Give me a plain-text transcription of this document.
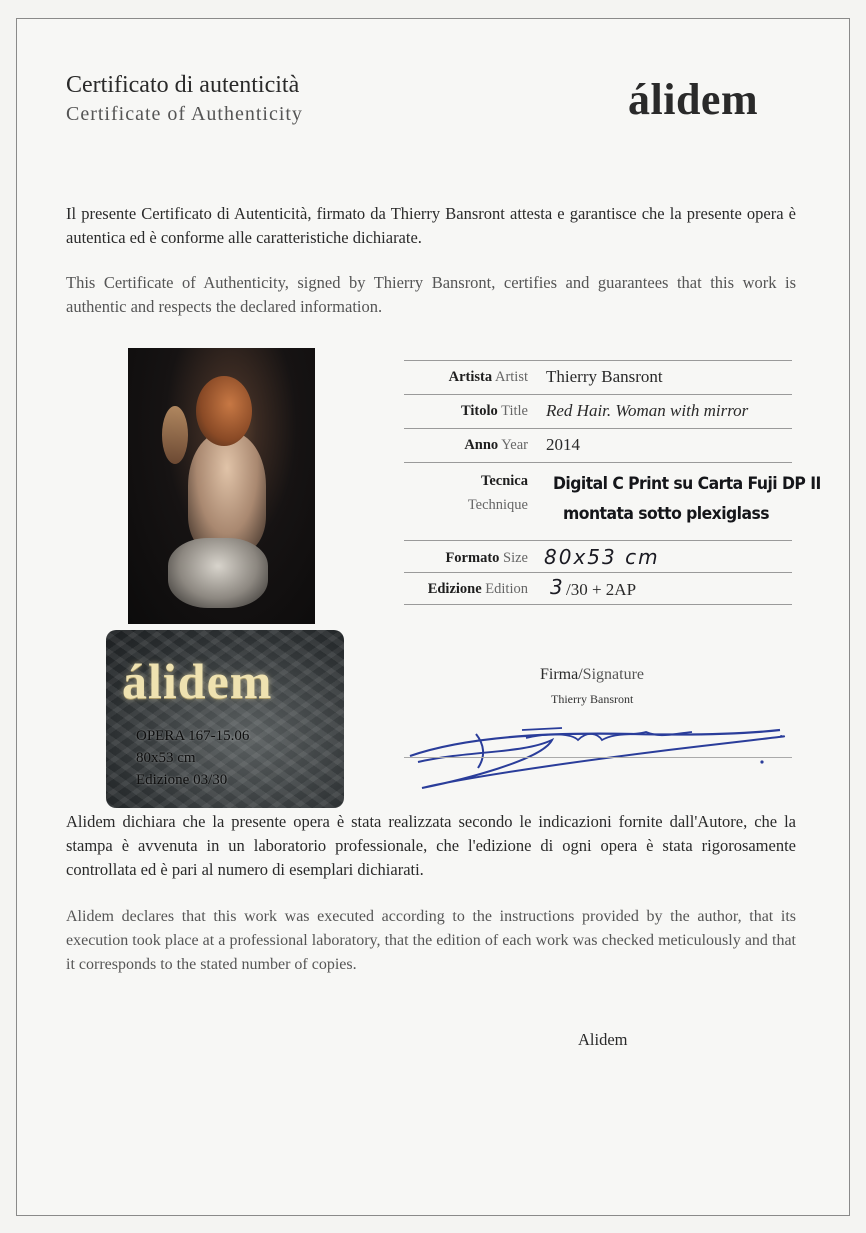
Certificato di autenticità
Certificate of Authenticity	álidem
Il presente Certificato di Autenticità, firmato da Thierry Bansront attesta e garantisce che la presente opera è autentica ed è conforme alle caratteristiche dichiarate.
This Certificate of Authenticity, signed by Thierry Bansront, certifies and guarantees that this work is authentic and respects the declared information.
álidem
OPERA 167-15.06
80x53 cm
Edizione 03/30
Artista Artist Thierry Bansront
Titolo Title Red Hair. Woman with mirror
Anno Year 2014
Tecnica
Technique
Digital C Print su Carta Fuji DP II
montata sotto plexiglass
Formato Size 80x53 cm
Edizione Edition 3 /30 + 2AP
Firma/Signature
Thierry Bansront
Alidem dichiara che la presente opera è stata realizzata secondo le indicazioni fornite dall'Autore, che la stampa è avvenuta in un laboratorio professionale, che l'edizione di ogni opera è stata rigorosamente controllata ed è pari al numero di esemplari dichiarati.
Alidem declares that this work was executed according to the instructions provided by the author, that its execution took place at a professional laboratory, that the edition of each work was checked meticulously and that it corresponds to the stated number of copies.
Alidem
